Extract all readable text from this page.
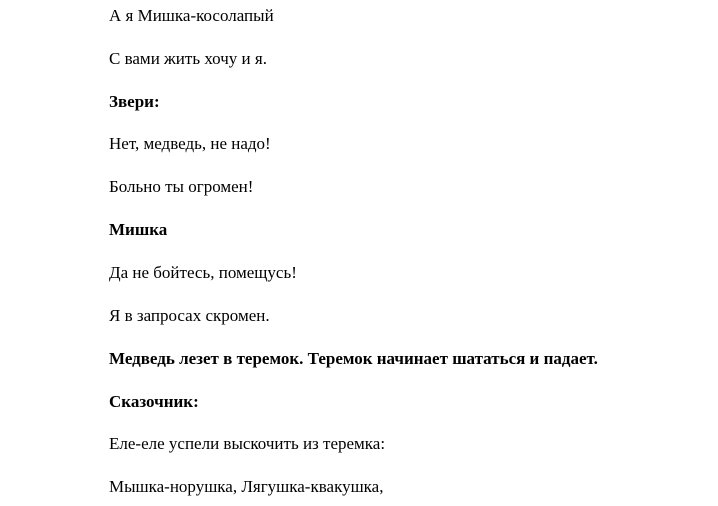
А я Мишка-косолапый

С вами жить хочу и я.

Звери:

Нет, медведь, не надо!

Больно ты огромен!

Мишка

Да не бойтесь, помещусь!

Я в запросах скромен.

Медведь лезет в теремок. Теремок начинает шататься и падает.

Сказочник:

Еле-еле успели выскочить из теремка:

Мышка-норушка, Лягушка-квакушка,
